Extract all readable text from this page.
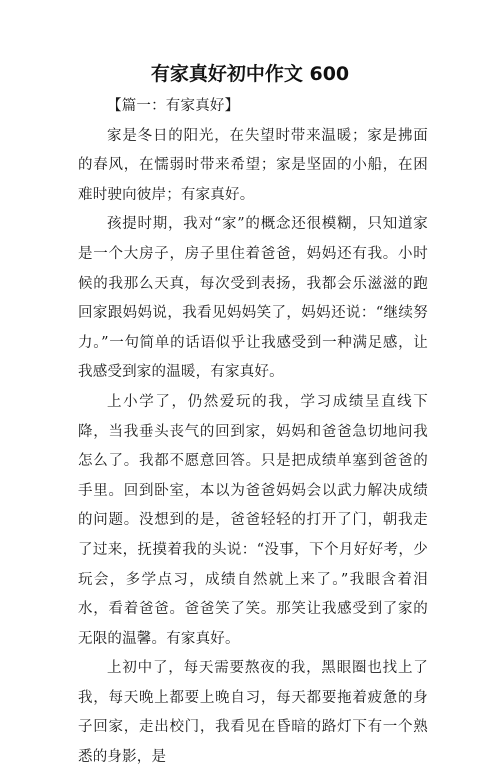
有家真好初中作文 600

【篇一：有家真好】

家是冬日的阳光，在失望时带来温暖；家是拂面的春风，在懦弱时带来希望；家是坚固的小船，在困难时驶向彼岸；有家真好。

孩提时期，我对“家”的概念还很模糊，只知道家是一个大房子，房子里住着爸爸，妈妈还有我。小时候的我那么天真，每次受到表扬，我都会乐滋滋的跑回家跟妈妈说，我看见妈妈笑了，妈妈还说：“继续努力。”一句简单的话语似乎让我感受到一种满足感，让我感受到家的温暖，有家真好。

上小学了，仍然爱玩的我，学习成绩呈直线下降，当我垂头丧气的回到家，妈妈和爸爸急切地问我怎么了。我都不愿意回答。只是把成绩单塞到爸爸的手里。回到卧室，本以为爸爸妈妈会以武力解决成绩的问题。没想到的是，爸爸轻轻的打开了门，朝我走了过来，抚摸着我的头说：“没事，下个月好好考，少玩会，多学点习，成绩自然就上来了。”我眼含着泪水，看着爸爸。爸爸笑了笑。那笑让我感受到了家的无限的温馨。有家真好。

上初中了，每天需要熬夜的我，黑眼圈也找上了我，每天晚上都要上晚自习，每天都要拖着疲惫的身子回家，走出校门，我看见在昏暗的路灯下有一个熟悉的身影，是
